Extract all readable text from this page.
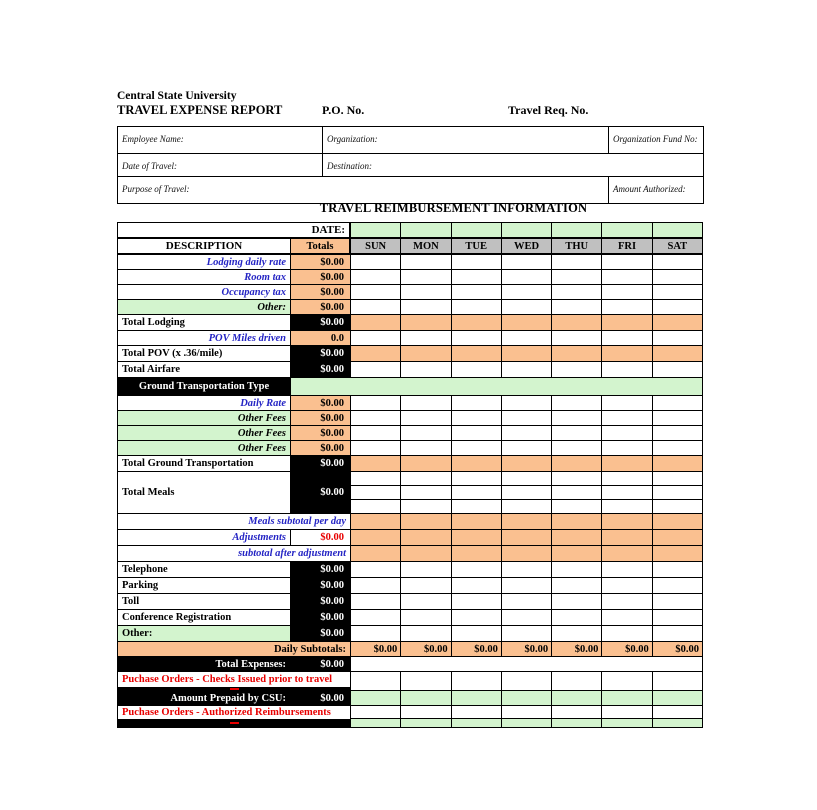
Central State University
TRAVEL EXPENSE REPORT	P.O. No.	Travel Req. No.
Employee Name:	Organization:	Organization Fund No:
Date of Travel:	Destination:
Purpose of Travel:	Amount Authorized:
TRAVEL REIMBURSEMENT INFORMATION
DATE:
DESCRIPTION	Totals	SUN	MON	TUE	WED	THU	FRI	SAT
Lodging daily rate	$0.00
Room tax	$0.00
Occupancy tax	$0.00
Other:	$0.00
Total Lodging	$0.00
POV Miles driven	0.0
Total POV (x .36/mile)	$0.00
Total Airfare	$0.00
Ground Transportation Type
Daily Rate	$0.00
Other Fees	$0.00
Other Fees	$0.00
Other Fees	$0.00
Total Ground Transportation	$0.00
Total Meals	$0.00
Meals subtotal per day
Adjustments	$0.00
subtotal after adjustment
Telephone	$0.00
Parking	$0.00
Toll	$0.00
Conference Registration	$0.00
Other:	$0.00
Daily Subtotals:	$0.00	$0.00	$0.00	$0.00	$0.00	$0.00	$0.00
Total Expenses:	$0.00
Puchase Orders - Checks Issued prior to travel
Amount Prepaid by CSU:	$0.00
Puchase Orders - Authorized Reimbursements
